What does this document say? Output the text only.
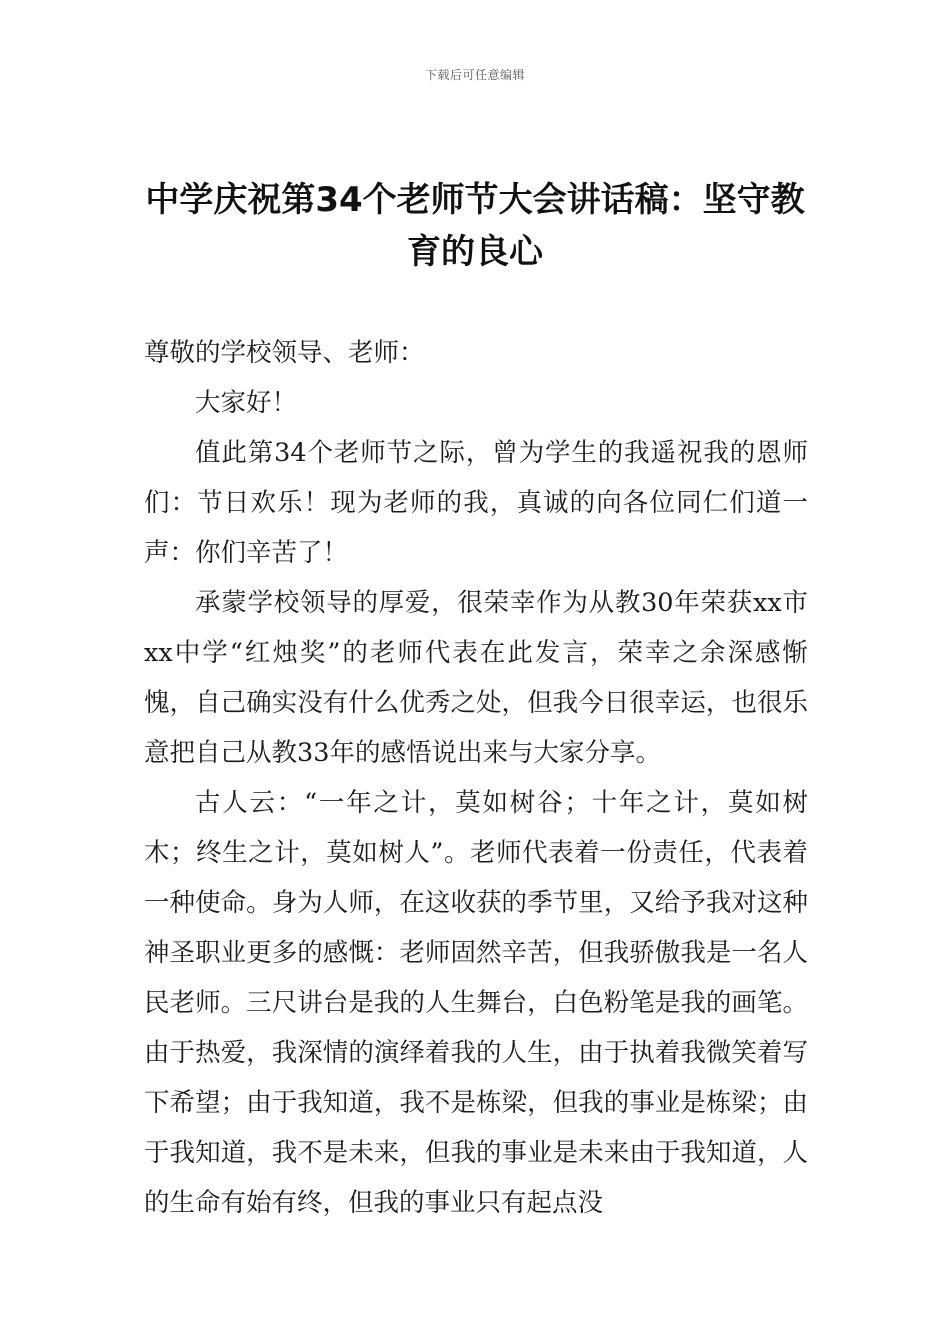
下载后可任意编辑
中学庆祝第34个老师节大会讲话稿：坚守教育的良心

尊敬的学校领导、老师：

大家好！

值此第34个老师节之际，曾为学生的我遥祝我的恩师们：节日欢乐！现为老师的我，真诚的向各位同仁们道一声：你们辛苦了！

承蒙学校领导的厚爱，很荣幸作为从教30年荣获xx市xx中学“红烛奖”的老师代表在此发言，荣幸之余深感惭愧，自己确实没有什么优秀之处，但我今日很幸运，也很乐意把自己从教33年的感悟说出来与大家分享。

古人云：“一年之计，莫如树谷；十年之计，莫如树木；终生之计，莫如树人”。老师代表着一份责任，代表着一种使命。身为人师，在这收获的季节里，又给予我对这种神圣职业更多的感慨：老师固然辛苦，但我骄傲我是一名人民老师。三尺讲台是我的人生舞台，白色粉笔是我的画笔。由于热爱，我深情的演绎着我的人生，由于执着我微笑着写下希望；由于我知道，我不是栋梁，但我的事业是栋梁；由于我知道，我不是未来，但我的事业是未来由于我知道，人的生命有始有终，但我的事业只有起点没
